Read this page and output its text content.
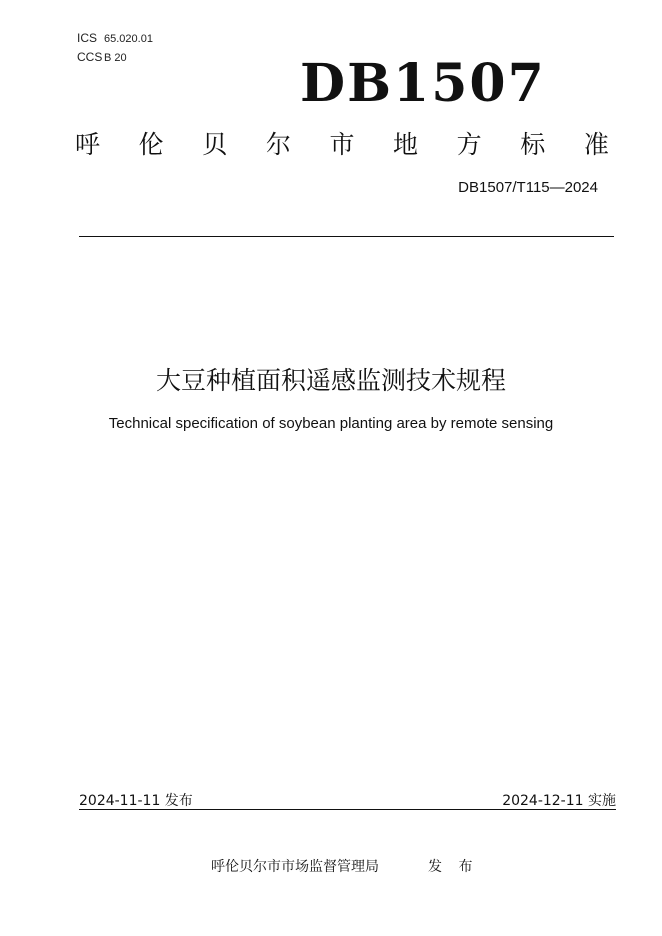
ICS 65.020.01
CCS B 20	DB1507
呼 伦 贝 尔 市 地 方 标 准
DB1507/T115—2024
大豆种植面积遥感监测技术规程
Technical specification of soybean planting area by remote sensing
2024-11-11 发布	2024-12-11 实施
呼伦贝尔市市场监督管理局	发 布
